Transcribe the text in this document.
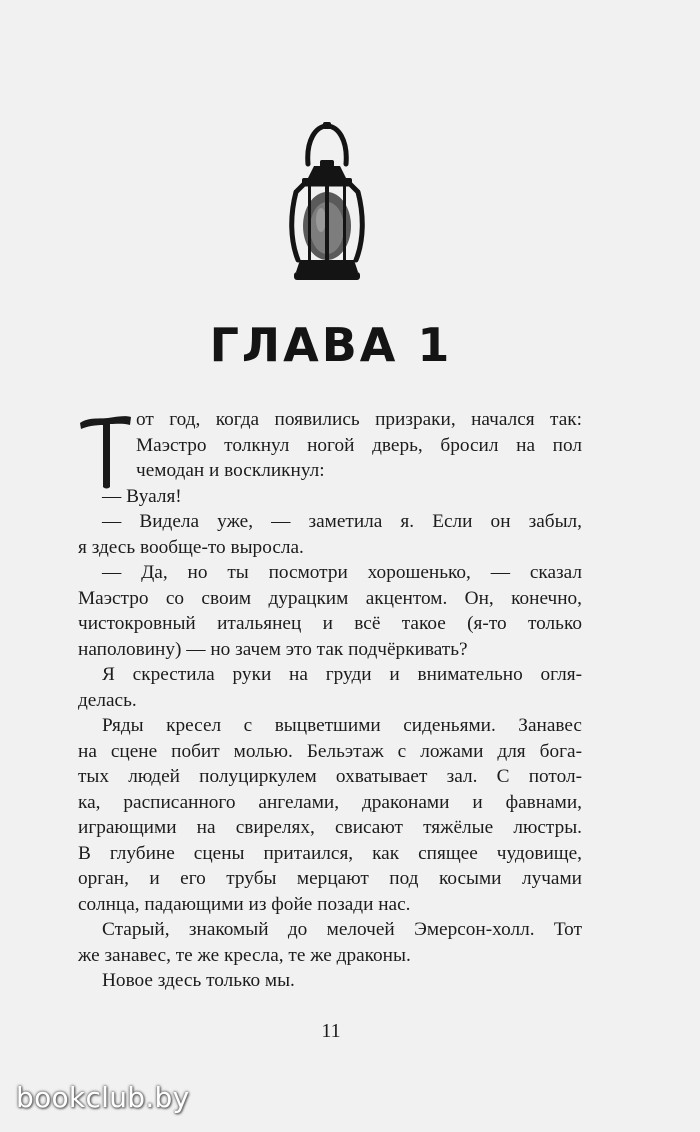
ГЛАВА 1
от год, когда появились призраки, начался так:
Маэстро толкнул ногой дверь, бросил на пол
чемодан и воскликнул:
— Вуаля!
— Видела уже, — заметила я. Если он забыл,
я здесь вообще-то выросла.
— Да, но ты посмотри хорошенько, — сказал
Маэстро со своим дурацким акцентом. Он, конечно,
чистокровный итальянец и всё такое (я-то только
наполовину) — но зачем это так подчёркивать?
Я скрестила руки на груди и внимательно огля-
делась.
Ряды кресел с выцветшими сиденьями. Занавес
на сцене побит молью. Бельэтаж с ложами для бога-
тых людей полуциркулем охватывает зал. С потол-
ка, расписанного ангелами, драконами и фавнами,
играющими на свирелях, свисают тяжёлые люстры.
В глубине сцены притаился, как спящее чудовище,
орган, и его трубы мерцают под косыми лучами
солнца, падающими из фойе позади нас.
Старый, знакомый до мелочей Эмерсон-холл. Тот
же занавес, те же кресла, те же драконы.
Новое здесь только мы.
11
bookclub.by
